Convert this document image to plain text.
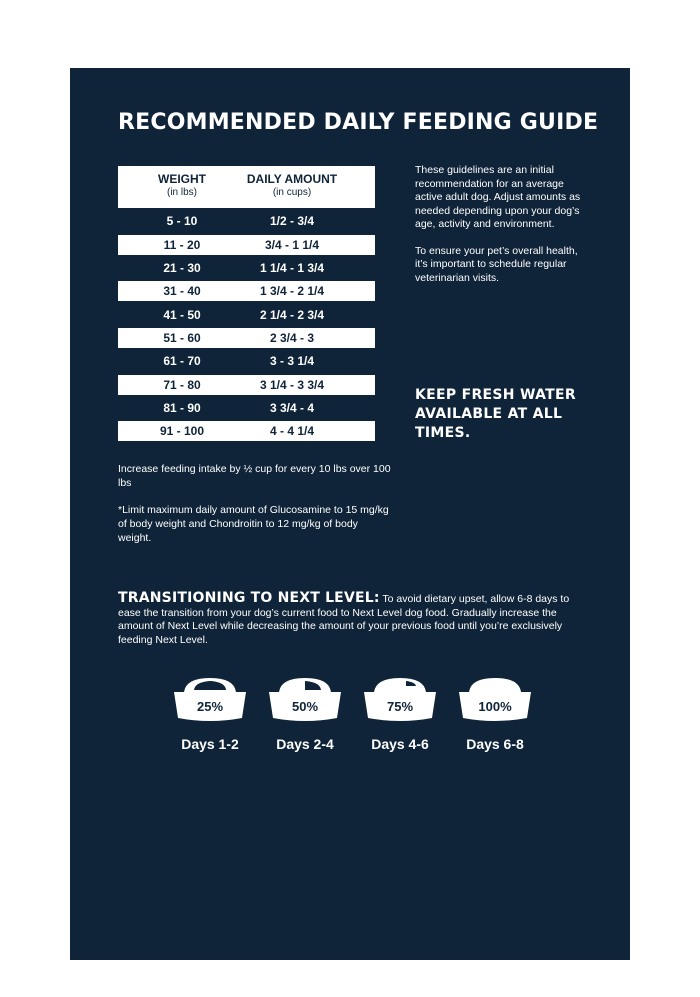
RECOMMENDED DAILY FEEDING GUIDE
WEIGHT
(in lbs)
DAILY AMOUNT
(in cups)
5 - 10	1/2 - 3/4
11 - 20	3/4 - 1 1/4
21 - 30	1 1/4 - 1 3/4
31 - 40	1 3/4 - 2 1/4
41 - 50	2 1/4 - 2 3/4
51 - 60	2 3/4 - 3
61 - 70	3 - 3 1/4
71 - 80	3 1/4 - 3 3/4
81 - 90	3 3/4 - 4
91 - 100	4 - 4 1/4

These guidelines are an initial recommendation for an average active adult dog. Adjust amounts as needed depending upon your dog’s age, activity and environment.

To ensure your pet’s overall health, it’s important to schedule regular veterinarian visits.

KEEP FRESH WATER AVAILABLE AT ALL TIMES.

Increase feeding intake by ½ cup for every 10 lbs over 100 lbs

*Limit maximum daily amount of Glucosamine to 15 mg/kg of body weight and Chondroitin to 12 mg/kg of body weight.

TRANSITIONING TO NEXT LEVEL: To avoid dietary upset, allow 6-8 days to ease the transition from your dog’s current food to Next Level dog food. Gradually increase the amount of Next Level while decreasing the amount of your previous food until you’re exclusively feeding Next Level.
25%
Days 1-2
50%
Days 2-4
75%
Days 4-6
100%
Days 6-8
